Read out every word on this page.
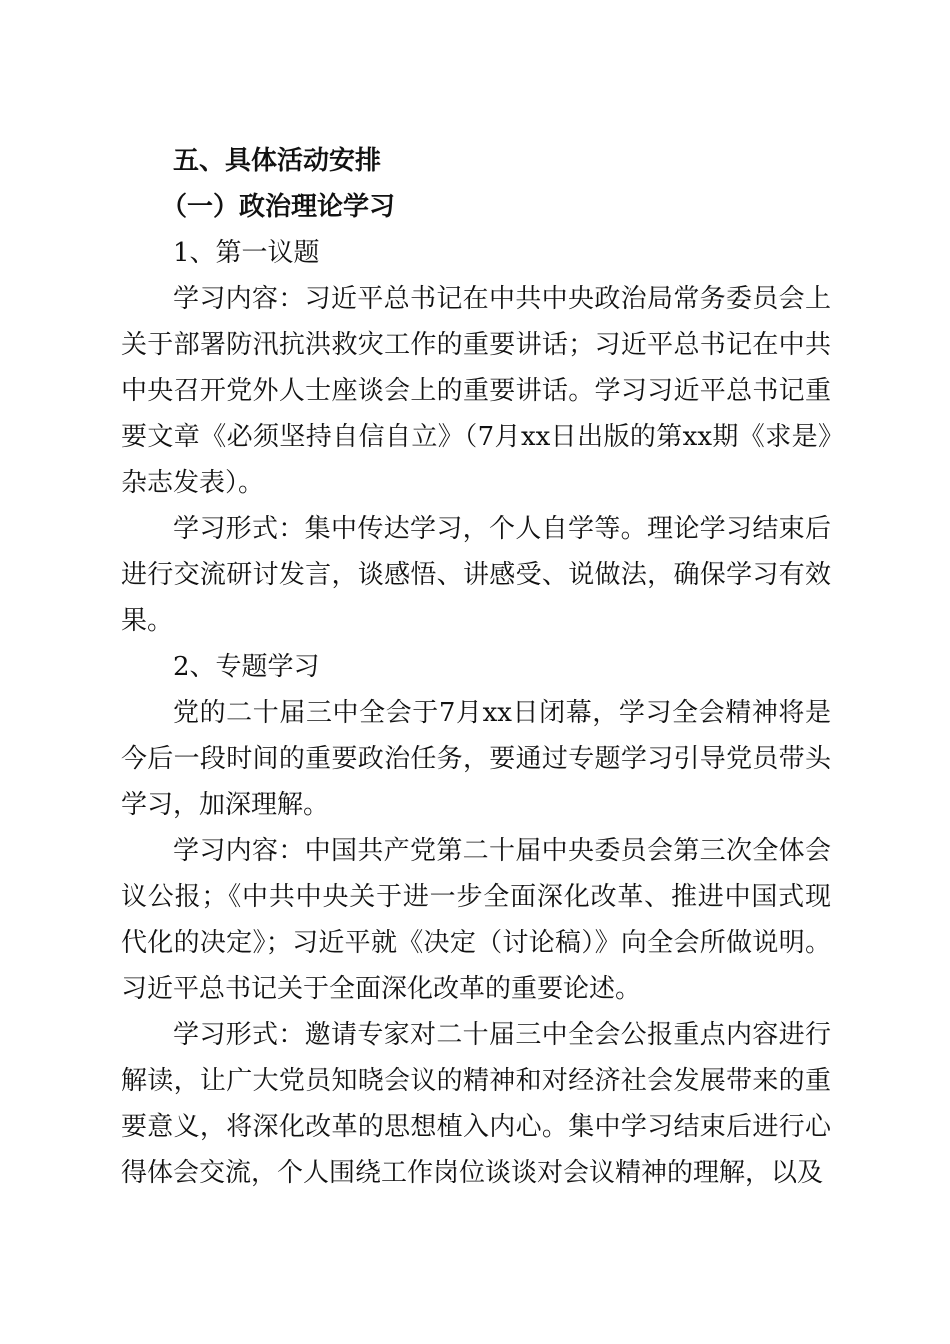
五、具体活动安排

（一）政治理论学习

1、第一议题

学习内容：习近平总书记在中共中央政治局常务委员会上关于部署防汛抗洪救灾工作的重要讲话；习近平总书记在中共中央召开党外人士座谈会上的重要讲话。学习习近平总书记重要文章《必须坚持自信自立》（7月xx日出版的第xx期《求是》杂志发表）。

学习形式：集中传达学习，个人自学等。理论学习结束后进行交流研讨发言，谈感悟、讲感受、说做法，确保学习有效果。

2、专题学习

党的二十届三中全会于7月xx日闭幕，学习全会精神将是今后一段时间的重要政治任务，要通过专题学习引导党员带头学习，加深理解。

学习内容：中国共产党第二十届中央委员会第三次全体会议公报；《中共中央关于进一步全面深化改革、推进中国式现代化的决定》；习近平就《决定（讨论稿）》向全会所做说明。习近平总书记关于全面深化改革的重要论述。

学习形式：邀请专家对二十届三中全会公报重点内容进行解读，让广大党员知晓会议的精神和对经济社会发展带来的重要意义，将深化改革的思想植入内心。集中学习结束后进行心得体会交流，个人围绕工作岗位谈谈对会议精神的理解，以及
